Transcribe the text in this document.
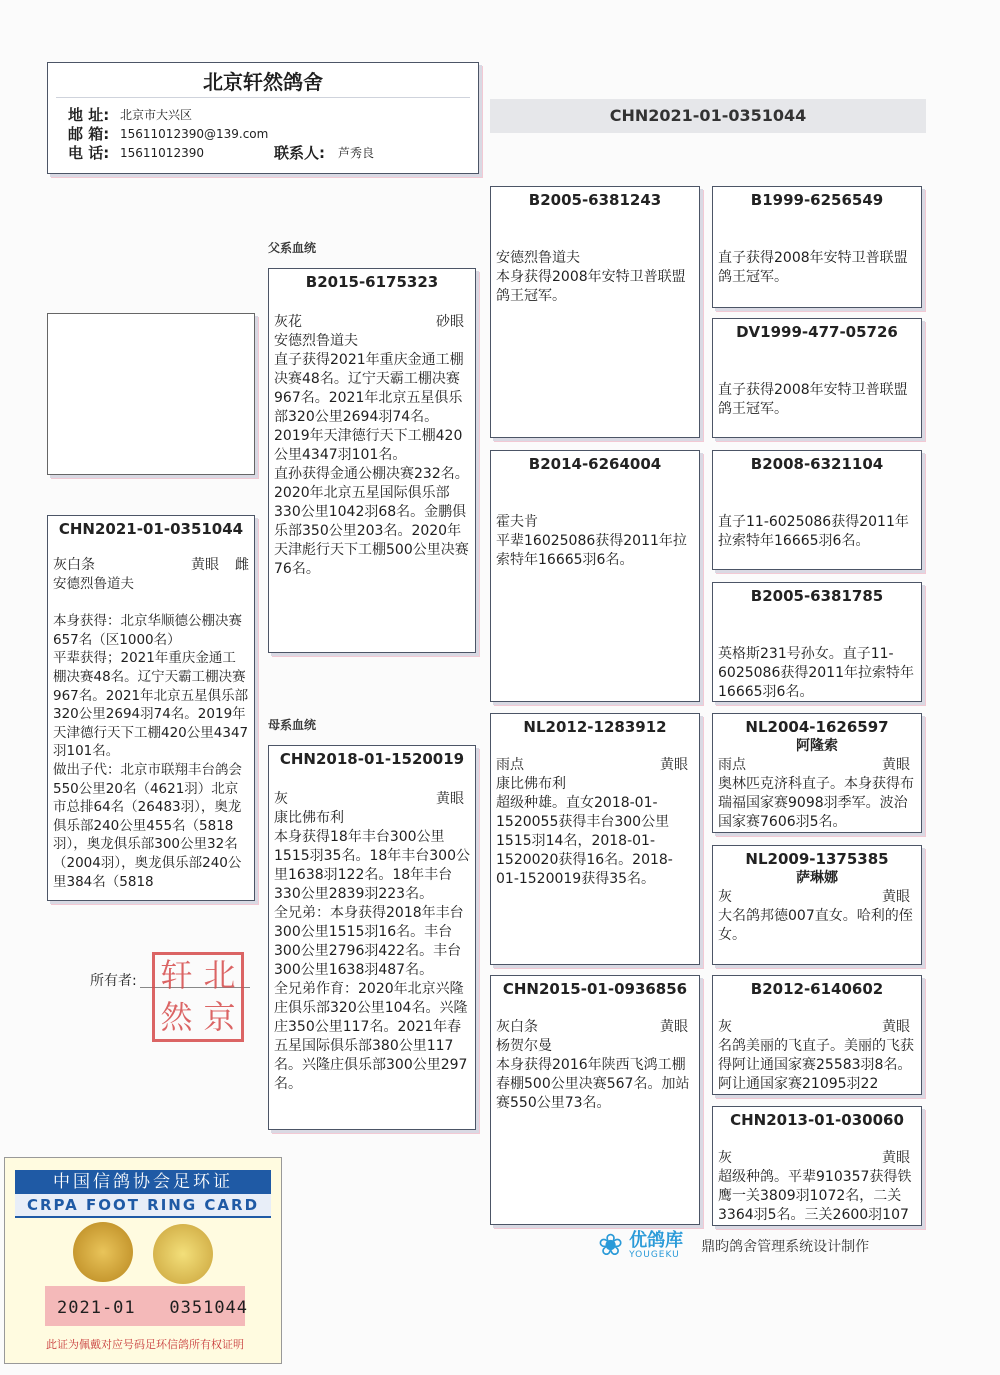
北京轩然鸽舍
地 址: 北京市大兴区
邮 箱: 15611012390@139.com
电 话: 15611012390	联系人:	芦秀良
CHN2021-01-0351044
父系血统
母系血统
CHN2021-01-0351044
灰白条	黄眼 雌
安德烈鲁道夫

本身获得：北京华顺德公棚决赛657名（区1000名）
平辈获得；2021年重庆金通工棚决赛48名。辽宁天霸工棚决赛967名。2021年北京五星俱乐部320公里2694羽74名。2019年天津德行天下工棚420公里4347羽101名。
做出子代：北京市联翔丰台鸽会550公里20名（4621羽）北京市总排64名（26483羽），奥龙俱乐部240公里455名（5818羽），奥龙俱乐部300公里32名（2004羽），奥龙俱乐部240公里384名（5818
B2015-6175323
灰花	砂眼
安德烈鲁道夫
直子获得2021年重庆金通工棚决赛48名。辽宁天霸工棚决赛967名。2021年北京五星俱乐部320公里2694羽74名。2019年天津德行天下工棚420公里4347羽101名。
直孙获得金通公棚决赛232名。2020年北京五星国际俱乐部330公里1042羽68名。金鹏俱乐部350公里203名。2020年天津彪行天下工棚500公里决赛76名。
CHN2018-01-1520019
灰	黄眼
康比佛布利
本身获得18年丰台300公里1515羽35名。18年丰台300公里1638羽122名。18年丰台330公里2839羽223名。
全兄弟：本身获得2018年丰台300公里1515羽16名。丰台300公里2796羽422名。丰台300公里1638羽487名。
全兄弟作育：2020年北京兴隆庄俱乐部320公里104名。兴隆庄350公里117名。2021年春五星国际俱乐部380公里117名。兴隆庄俱乐部300公里297名。
B2005-6381243
安德烈鲁道夫
本身获得2008年安特卫普联盟鸽王冠军。
B2014-6264004
霍夫肯
平辈16025086获得2011年拉索特年16665羽6名。
NL2012-1283912
雨点	黄眼
康比佛布利
超级种雄。直女2018-01-1520055获得丰台300公里1515羽14名，2018-01-1520020获得16名。2018-01-1520019获得35名。
CHN2015-01-0936856
灰白条	黄眼
杨贺尔曼
本身获得2016年陕西飞鸿工棚春棚500公里决赛567名。加站赛550公里73名。
B1999-6256549
直子获得2008年安特卫普联盟鸽王冠军。
DV1999-477-05726
直子获得2008年安特卫普联盟鸽王冠军。
B2008-6321104
直子11-6025086获得2011年拉索特年16665羽6名。
B2005-6381785
英格斯231号孙女。直子11-6025086获得2011年拉索特年16665羽6名。
NL2004-1626597
阿隆索
雨点	黄眼
奥林匹克济科直子。本身获得布瑞福国家赛9098羽季军。波治国家赛7606羽5名。
NL2009-1375385
萨琳娜
灰	黄眼
大名鸽邦德007直女。哈利的侄女。
B2012-6140602
灰	黄眼
名鸽美丽的飞直子。美丽的飞获得阿让通国家赛25583羽8名。阿让通国家赛21095羽22
CHN2013-01-030060
灰	黄眼
超级种鸽。平辈910357获得铁鹰一关3809羽1072名，二关3364羽5名。三关2600羽107
所有者: 轩 北
然 京
中国信鸽协会足环证
CRPA FOOT RING CARD
2021-01 0351044
此证为佩戴对应号码足环信鸽所有权证明
❀ 优鸽库
YOUGEKU 鼎昀鸽舍管理系统设计制作
